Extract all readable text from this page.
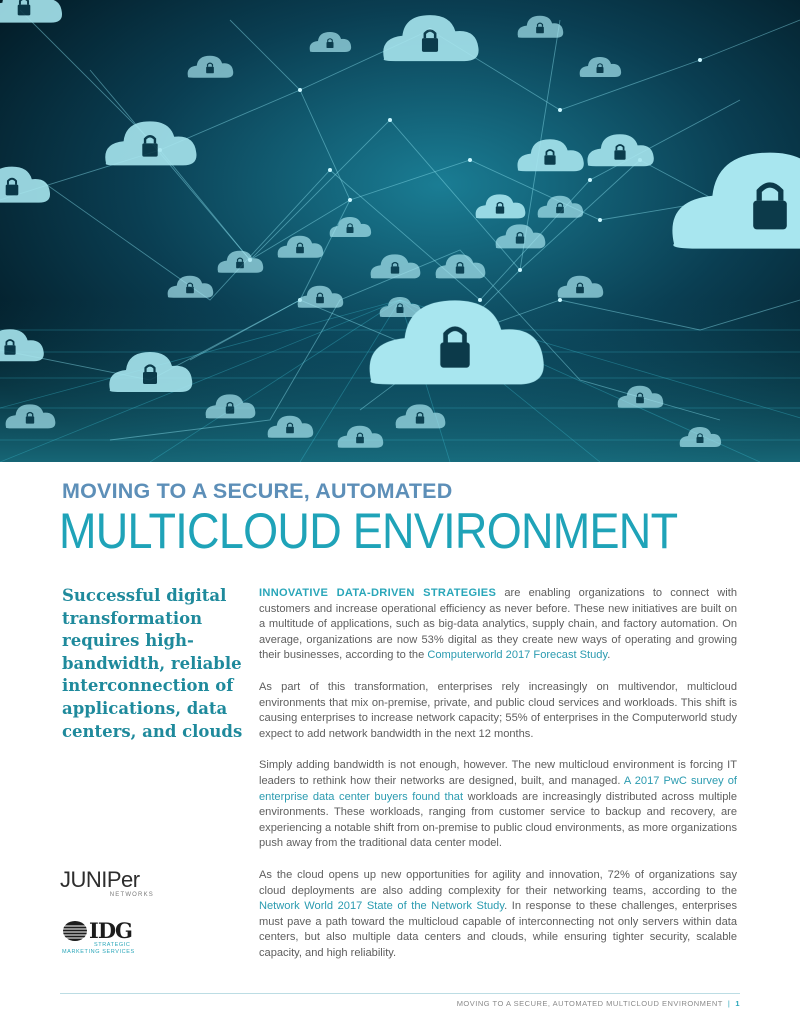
MOVING TO A SECURE, AUTOMATED
MULTICLOUD ENVIRONMENT

Successful digital transformation requires high-bandwidth, reliable interconnection of applications, data centers, and clouds

INNOVATIVE DATA-DRIVEN STRATEGIES are enabling organizations to connect with customers and increase operational efficiency as never before. These new initiatives are built on a multitude of applications, such as big-data analytics, supply chain, and factory automation. On average, organizations are now 53% digital as they create new ways of operating and growing their businesses, according to the Computerworld 2017 Forecast Study.

As part of this transformation, enterprises rely increasingly on multivendor, multicloud environments that mix on-premise, private, and public cloud services and workloads. This shift is causing enterprises to increase network capacity; 55% of enterprises in the Computerworld study expect to add network bandwidth in the next 12 months.

Simply adding bandwidth is not enough, however. The new multicloud environment is forcing IT leaders to rethink how their networks are designed, built, and managed. A 2017 PwC survey of enterprise data center buyers found that workloads are increasingly distributed across multiple environments. These workloads, ranging from customer service to backup and recovery, are experiencing a notable shift from on-premise to public cloud environments, as more organizations push away from the traditional data center model.

As the cloud opens up new opportunities for agility and innovation, 72% of organizations say cloud deployments are also adding complexity for their networking teams, according to the Network World 2017 State of the Network Study. In response to these challenges, enterprises must pave a path toward the multicloud capable of interconnecting not only servers within data centers, but also multiple data centers and clouds, while ensuring tighter security, scalable capacity, and high reliability.

JUNIPer
NETWORKS
IDG
STRATEGIC
MARKETING SERVICES
MOVING TO A SECURE, AUTOMATED MULTICLOUD ENVIRONMENT | 1
